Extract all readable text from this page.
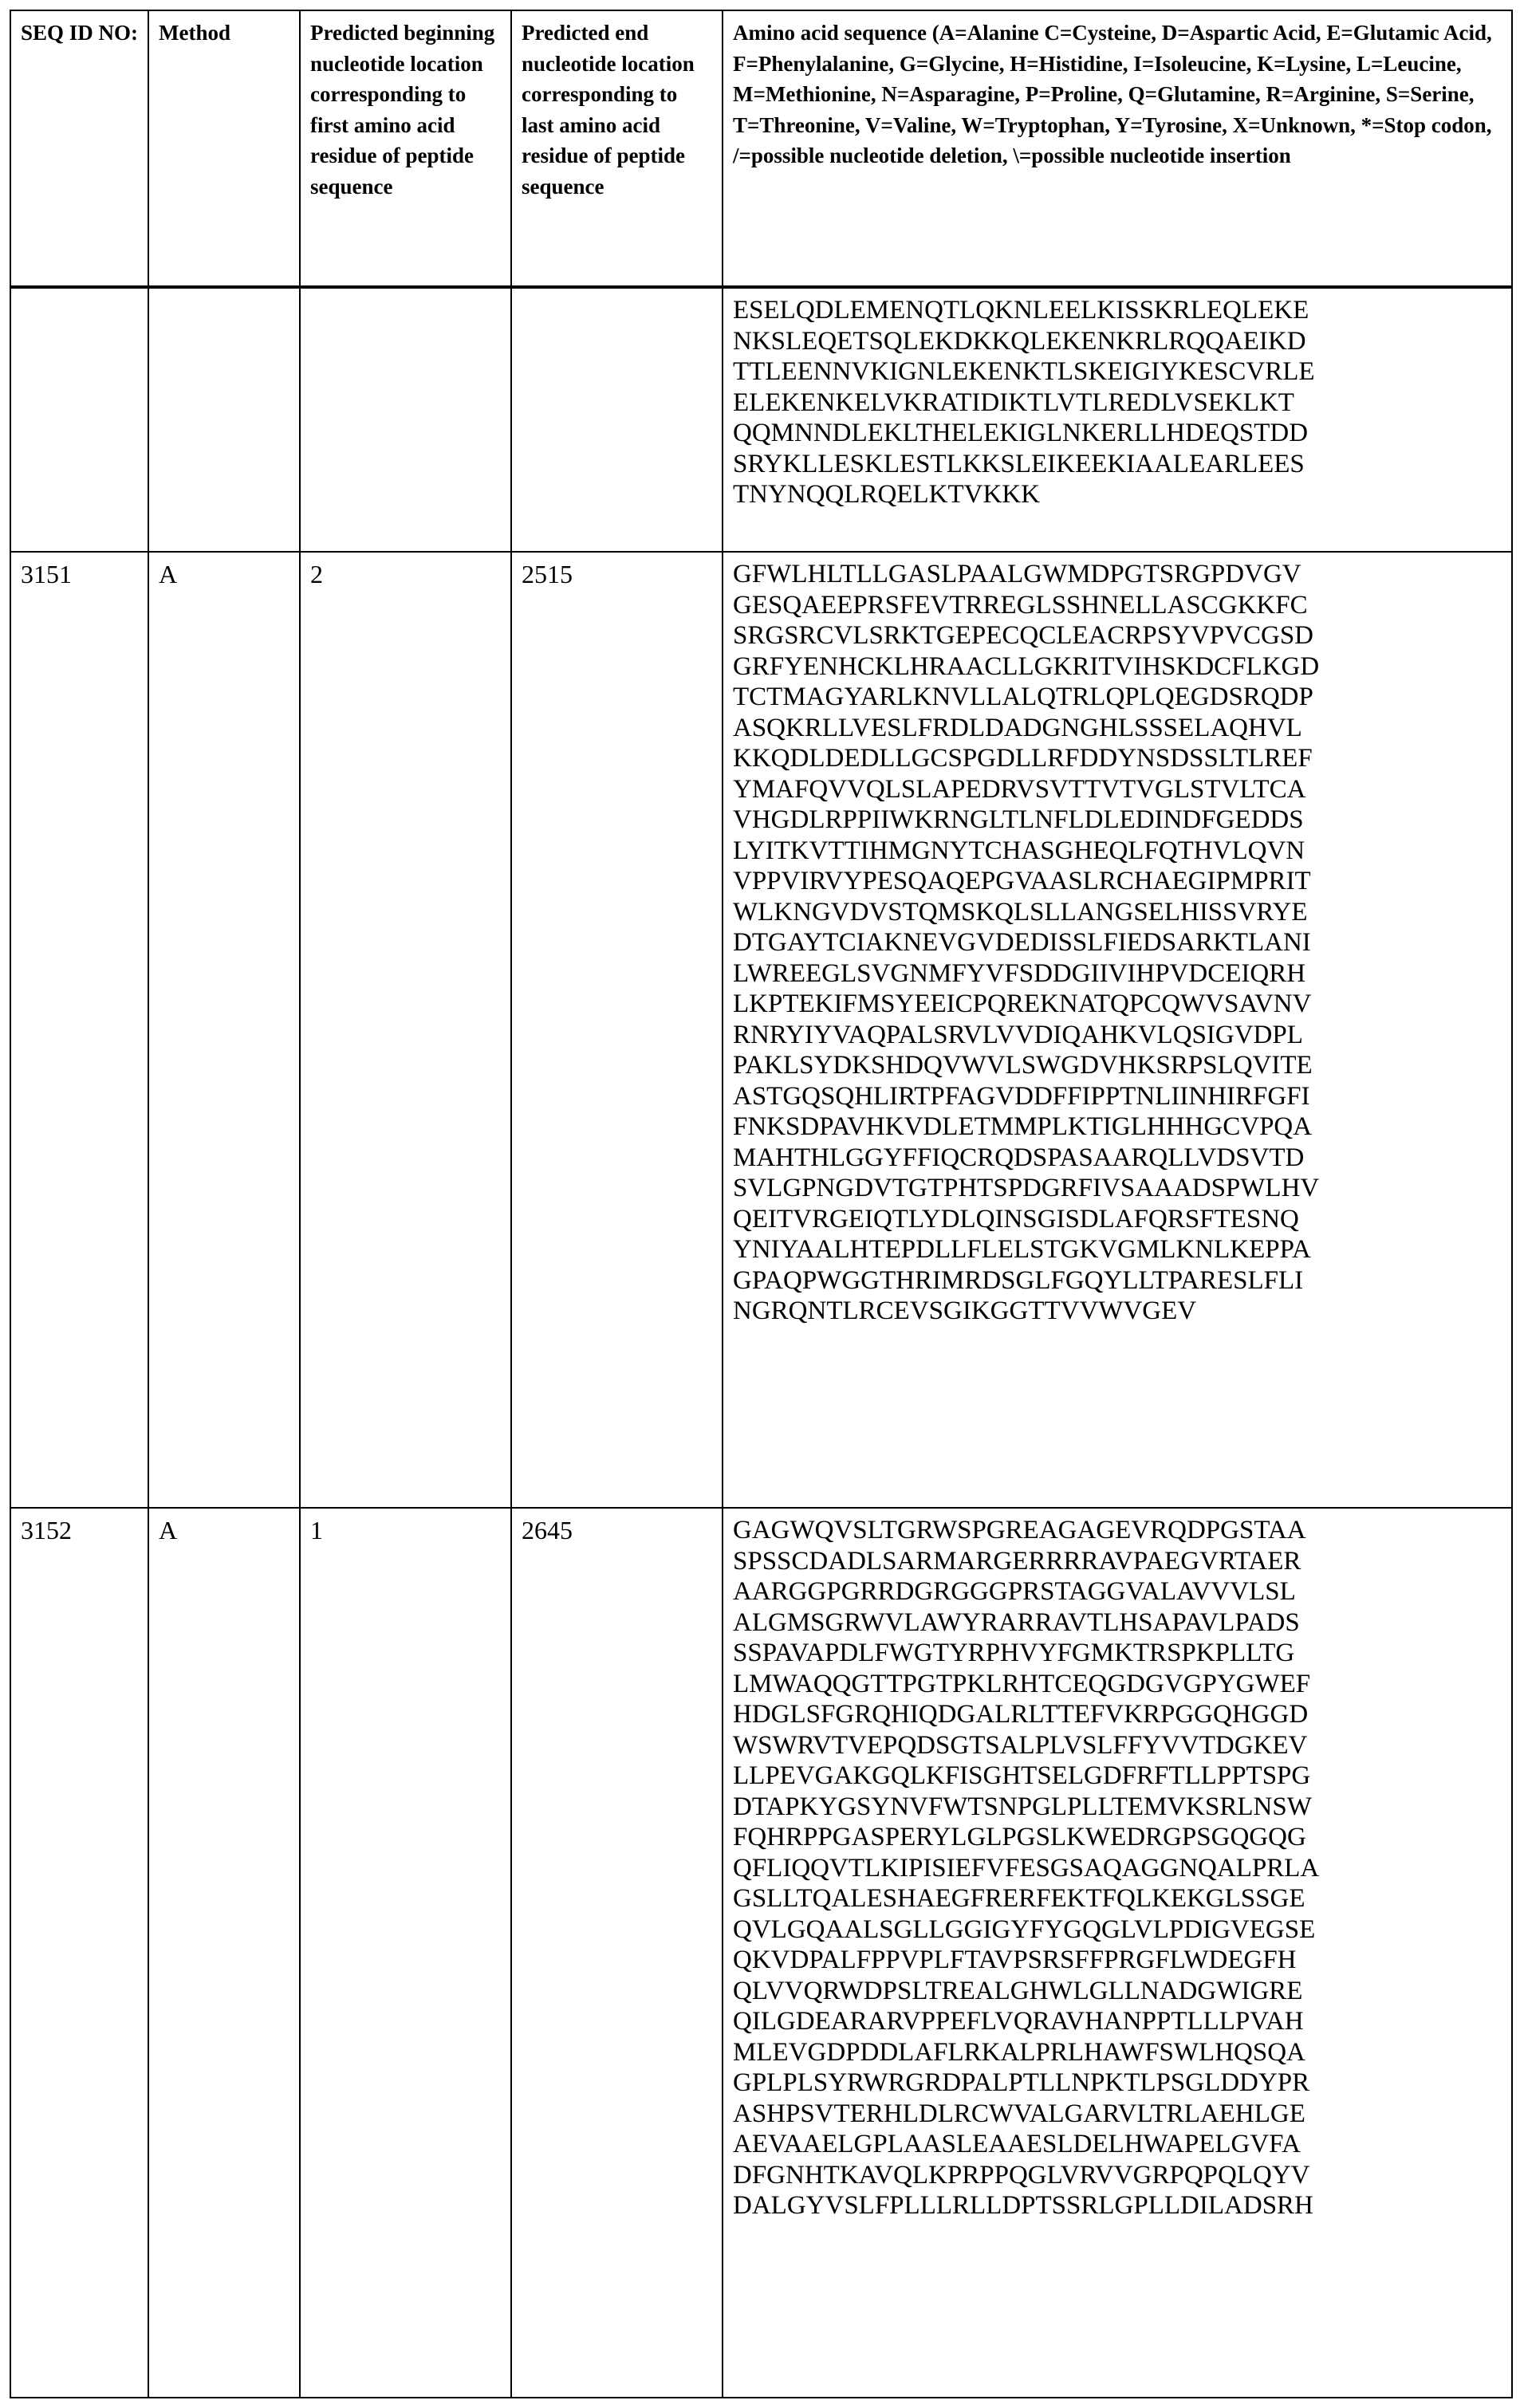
SEQ ID NO:	Method	Predicted beginning nucleotide location corresponding to first amino acid residue of peptide sequence	Predicted end nucleotide location corresponding to last amino acid residue of peptide sequence	Amino acid sequence (A=Alanine C=Cysteine, D=Aspartic Acid, E=Glutamic Acid, F=Phenylalanine, G=Glycine, H=Histidine, I=Isoleucine, K=Lysine, L=Leucine, M=Methionine, N=Asparagine, P=Proline, Q=Glutamine, R=Arginine, S=Serine, T=Threonine, V=Valine, W=Tryptophan, Y=Tyrosine, X=Unknown, *=Stop codon, /=possible nucleotide deletion, \=possible nucleotide insertion

ESELQDLEMENQTLQKNLEELKISSKRLEQLEKE
NKSLEQETSQLEKDKKQLEKENKRLRQQAEIKD
TTLEENNVKIGNLEKENKTLSKEIGIYKESCVRLE
ELEKENKELVKRATIDIKTLVTLREDLVSEKLKT
QQMNNDLEKLTHELEKIGLNKERLLHDEQSTDD
SRYKLLESKLESTLKKSLEIKEEKIAALEARLEES
TNYNQQLRQELKTVKKK

3151	A	2	2515	GFWLHLTLLGASLPAALGWMDPGTSRGPDVGV
GESQAEEPRSFEVTRREGLSSHNELLASCGKKFC
SRGSRCVLSRKTGEPECQCLEACRPSYVPVCGSD
GRFYENHCKLHRAACLLGKRITVIHSKDCFLKGD
TCTMAGYARLKNVLLALQTRLQPLQEGDSRQDP
ASQKRLLVESLFRDLDADGNGHLSSSELAQHVL
KKQDLDEDLLGCSPGDLLRFDDYNSDSSLTLREF
YMAFQVVQLSLAPEDRVSVTTVTVGLSTVLTCA
VHGDLRPPIIWKRNGLTLNFLDLEDINDFGEDDS
LYITKVTTIHMGNYTCHASGHEQLFQTHVLQVN
VPPVIRVYPESQAQEPGVAASLRCHAEGIPMPRIT
WLKNGVDVSTQMSKQLSLLANGSELHISSVRYE
DTGAYTCIAKNEVGVDEDISSLFIEDSARKTLANI
LWREEGLSVGNMFYVFSDDGIIVIHPVDCEIQRH
LKPTEKIFMSYEEICPQREKNATQPCQWVSAVNV
RNRYIYVAQPALSRVLVVDIQAHKVLQSIGVDPL
PAKLSYDKSHDQVWVLSWGDVHKSRPSLQVITE
ASTGQSQHLIRTPFAGVDDFFIPPTNLIINHIRFGFI
FNKSDPAVHKVDLETMMPLKTIGLHHHGCVPQA
MAHTHLGGYFFIQCRQDSPASAARQLLVDSVTD
SVLGPNGDVTGTPHTSPDGRFIVSAAADSPWLHV
QEITVRGEIQTLYDLQINSGISDLAFQRSFTESNQ
YNIYAALHTEPDLLFLELSTGKVGMLKNLKEPPA
GPAQPWGGTHRIMRDSGLFGQYLLTPARESLFLI
NGRQNTLRCEVSGIKGGTTVVWVGEV

3152	A	1	2645	GAGWQVSLTGRWSPGREAGAGEVRQDPGSTAA
SPSSCDADLSARMARGERRRRAVPAEGVRTAER
AARGGPGRRDGRGGGPRSTAGGVALAVVVLSL
ALGMSGRWVLAWYRARRAVTLHSAPAVLPADS
SSPAVAPDLFWGTYRPHVYFGMKTRSPKPLLTG
LMWAQQGTTPGTPKLRHTCEQGDGVGPYGWEF
HDGLSFGRQHIQDGALRLTTEFVKRPGGQHGGD
WSWRVTVEPQDSGTSALPLVSLFFYVVTDGKEV
LLPEVGAKGQLKFISGHTSELGDFRFTLLPPTSPG
DTAPKYGSYNVFWTSNPGLPLLTEMVKSRLNSW
FQHRPPGASPERYLGLPGSLKWEDRGPSGQGQG
QFLIQQVTLKIPISIEFVFESGSAQAGGNQALPRLA
GSLLTQALESHAEGFRERFEKTFQLKEKGLSSGE
QVLGQAALSGLLGGIGYFYGQGLVLPDIGVEGSE
QKVDPALFPPVPLFTAVPSRSFFPRGFLWDEGFH
QLVVQRWDPSLTREALGHWLGLLNADGWIGRE
QILGDEARARVPPEFLVQRAVHANPPTLLLPVAH
MLEVGDPDDLAFLRKALPRLHAWFSWLHQSQA
GPLPLSYRWRGRDPALPTLLNPKTLPSGLDDYPR
ASHPSVTERHLDLRCWVALGARVLTRLAEHLGE
AEVAAELGPLAASLEAAESLDELHWAPELGVFA
DFGNHTKAVQLKPRPPQGLVRVVGRPQPQLQYV
DALGYVSLFPLLLRLLDPTSSRLGPLLDILADSRH
